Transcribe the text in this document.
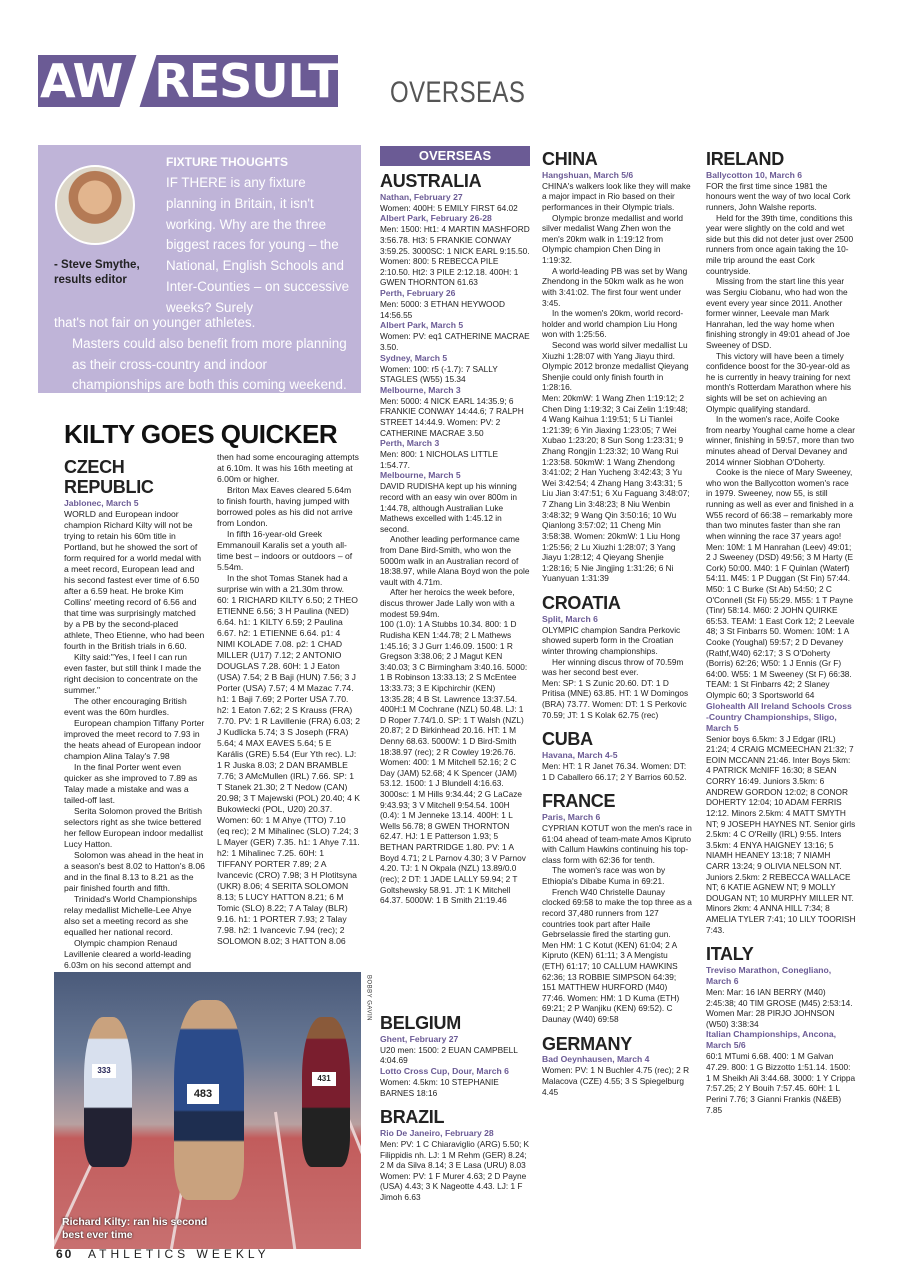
AW RESULTS OVERSEAS
- Steve Smythe, results editor
FIXTURE THOUGHTS
IF THERE is any fixture planning in Britain, it isn't working. Why are the three biggest races for young – the National, English Schools and Inter-Counties – on successive weeks? Surely
that's not fair on younger athletes.
Masters could also benefit from more planning as their cross-country and indoor championships are both this coming weekend.
KILTY GOES QUICKER
CZECH REPUBLIC
Jablonec, March 5

WORLD and European indoor champion Richard Kilty will not be trying to retain his 60m title in Portland, but he showed the sort of form required for a world medal with a meet record, European lead and his second fastest ever time of 6.50 after a 6.59 heat. He broke Kim Collins' meeting record of 6.56 and that time was surprisingly matched by a PB by the second-placed athlete, Theo Etienne, who had been fourth in the British trials in 6.60.

Kilty said:"Yes, I feel I can run even faster, but still think I made the right decision to concentrate on the summer."

The other encouraging British event was the 60m hurdles.

European champion Tiffany Porter improved the meet record to 7.93 in the heats ahead of European indoor champion Alina Talay's 7.98

In the final Porter went even quicker as she improved to 7.89 as Talay made a mistake and was a tailed-off last.

Serita Solomon proved the British selectors right as she twice bettered her fellow European indoor medallist Lucy Hatton.

Solomon was ahead in the heat in a season's best 8.02 to Hatton's 8.06 and in the final 8.13 to 8.21 as the pair finished fourth and fifth.

Trinidad's World Championships relay medallist Michelle-Lee Ahye also set a meeting record as she equalled her national record.

Olympic champion Renaud Lavillenie cleared a world-leading 6.03m on his second attempt and

then had some encouraging attempts at 6.10m. It was his 16th meeting at 6.00m or higher.

Briton Max Eaves cleared 5.64m to finish fourth, having jumped with borrowed poles as his did not arrive from London.

In fifth 16-year-old Greek Emmanouil Karalis set a youth all-time best – indoors or outdoors – of 5.54m.

In the shot Tomas Stanek had a surprise win with a 21.30m throw.

60: 1 RICHARD KILTY 6.50; 2 THEO ETIENNE 6.56; 3 H Paulina (NED) 6.64. h1: 1 KILTY 6.59; 2 Paulina 6.67. h2: 1 ETIENNE 6.64. p1: 4 NIMI KOLADE 7.08. p2: 1 CHAD MILLER (U17) 7.12; 2 ANTONIO DOUGLAS 7.28. 60H: 1 J Eaton (USA) 7.54; 2 B Baji (HUN) 7.56; 3 J Porter (USA) 7.57; 4 M Mazac 7.74. h1: 1 Baji 7.69; 2 Porter USA 7.70. h2: 1 Eaton 7.62; 2 S Krauss (FRA) 7.70. PV: 1 R Lavillenie (FRA) 6.03; 2 J Kudlicka 5.74; 3 S Joseph (FRA) 5.64; 4 MAX EAVES 5.64; 5 E Karális (GRE) 5.54 (Eur Yth rec). LJ: 1 R Juska 8.03; 2 DAN BRAMBLE 7.76; 3 AMcMullen (IRL) 7.66. SP: 1 T Stanek 21.30; 2 T Nedow (CAN) 20.98; 3 T Majewski (POL) 20.40; 4 K Bukowiecki (POL, U20) 20.37. Women: 60: 1 M Ahye (TTO) 7.10 (eq rec); 2 M Mihalinec (SLO) 7.24; 3 L Mayer (GER) 7.35. h1: 1 Ahye 7.11. h2: 1 Mihalinec 7.25. 60H: 1 TIFFANY PORTER 7.89; 2 A Ivancevic (CRO) 7.98; 3 H Plotitsyna (UKR) 8.06; 4 SERITA SOLOMON 8.13; 5 LUCY HATTON 8.21; 6 M Tomic (SLO) 8.22; 7 A Talay (BLR) 9.16. h1: 1 PORTER 7.93; 2 Talay 7.98. h2: 1 Ivancevic 7.94 (rec); 2 SOLOMON 8.02; 3 HATTON 8.06

483
333
431
Richard Kilty: ran his second best ever time
BOBBY GAVIN
OVERSEAS
AUSTRALIA
Nathan, February 27
Women: 400H: 5 EMILY FIRST 64.02
Albert Park, February 26-28
Men: 1500: Ht1: 4 MARTIN MASHFORD 3:56.78. Ht3: 5 FRANKIE CONWAY 3:59.25. 3000SC: 1 NICK EARL 9:15.50. Women: 800: 5 REBECCA PILE 2:10.50. Ht2: 3 PILE 2:12.18. 400H: 1 GWEN THORNTON 61.63
Perth, February 26
Men: 5000: 3 ETHAN HEYWOOD 14:56.55
Albert Park, March 5
Women: PV: eq1 CATHERINE MACRAE 3.50.
Sydney, March 5
Women: 100: r5 (-1.7): 7 SALLY STAGLES (W55) 15.34
Melbourne, March 3
Men: 5000: 4 NICK EARL 14:35.9; 6 FRANKIE CONWAY 14:44.6; 7 RALPH STREET 14:44.9. Women: PV: 2 CATHERINE MACRAE 3.50
Perth, March 3
Men: 800: 1 NICHOLAS LITTLE 1:54.77.
Melbourne, March 5

DAVID RUDISHA kept up his winning record with an easy win over 800m in 1:44.78, although Australian Luke Mathews excelled with 1:45.12 in second.

Another leading performance came from Dane Bird-Smith, who won the 5000m walk in an Australian record of 18:38.97, while Alana Boyd won the pole vault with 4.71m.

After her heroics the week before, discus thrower Jade Lally won with a modest 59.94m.

100 (1.0): 1 A Stubbs 10.34. 800: 1 D Rudisha KEN 1:44.78; 2 L Mathews 1:45.16; 3 J Gurr 1:46.09. 1500: 1 R Gregson 3:38.06; 2 J Magut KEN 3:40.03; 3 C Birmingham 3:40.16. 5000: 1 B Robinson 13:33.13; 2 S McEntee 13:33.73; 3 E Kipchirchir (KEN) 13:35.28; 4 B St. Lawrence 13:37.54. 400H:1 M Cochrane (NZL) 50.48. LJ: 1 D Roper 7.74/1.0. SP: 1 T Walsh (NZL) 20.87; 2 D Birkinhead 20.16. HT: 1 M Denny 68.63. 5000W: 1 D Bird-Smith 18:38.97 (rec); 2 R Cowley 19:26.76. Women: 400: 1 M Mitchell 52.16; 2 C Day (JAM) 52.68; 4 K Spencer (JAM) 53.12. 1500: 1 J Blundell 4:16.63. 3000sc: 1 M Hills 9:34.44; 2 G LaCaze 9:43.93; 3 V Mitchell 9:54.54. 100H (0.4): 1 M Jenneke 13.14. 400H: 1 L Wells 56.78; 8 GWEN THORNTON 62.47. HJ: 1 E Patterson 1.93; 5 BETHAN PARTRIDGE 1.80. PV: 1 A Boyd 4.71; 2 L Parnov 4.30; 3 V Parnov 4.20. TJ: 1 N Okpala (NZL) 13.89/0.0 (rec); 2 DT: 1 JADE LALLY 59.94; 2 T Goltshewsky 58.91. JT: 1 K Mitchell 64.37. 5000W: 1 B Smith 21:19.46

BELGIUM
Ghent, February 27
U20 men: 1500: 2 EUAN CAMPBELL 4:04.69
Lotto Cross Cup, Dour, March 6
Women: 4.5km: 10 STEPHANIE BARNES 18:16
BRAZIL
Rio De Janeiro, February 28
Men: PV: 1 C Chiaraviglio (ARG) 5.50; K Filippidis nh. LJ: 1 M Rehm (GER) 8.24; 2 M da Silva 8.14; 3 E Lasa (URU) 8.03 Women: PV: 1 F Murer 4.63; 2 D Payne (USA) 4.43; 3 K Nageotte 4.43. LJ: 1 F Jimoh 6.63
CHINA
Hangshuan, March 5/6

CHINA's walkers look like they will make a major impact in Rio based on their performances in their Olympic trials.

Olympic bronze medallist and world silver medalist Wang Zhen won the men's 20km walk in 1:19:12 from Olympic champion Chen Ding in 1:19:32.

A world-leading PB was set by Wang Zhendong in the 50km walk as he won with 3:41:02. The first four went under 3:45.

In the women's 20km, world record-holder and world champion Liu Hong won with 1:25:56.

Second was world silver medallist Lu Xiuzhi 1:28:07 with Yang Jiayu third. Olympic 2012 bronze medallist Qieyang Shenjie could only finish fourth in 1:28:16.

Men: 20kmW: 1 Wang Zhen 1:19:12; 2 Chen Ding 1:19:32; 3 Cai Zelin 1:19:48; 4 Wang Kaihua 1:19:51; 5 Li Tianlei 1:21:39; 6 Yin Jiaxing 1:23:05; 7 Wei Xubao 1:23:20; 8 Sun Song 1:23:31; 9 Zhang Rongjin 1:23:32; 10 Wang Rui 1:23:58. 50kmW: 1 Wang Zhendong 3:41:02; 2 Han Yucheng 3:42:43; 3 Yu Wei 3:42:54; 4 Zhang Hang 3:43:31; 5 Liu Jian 3:47:51; 6 Xu Faguang 3:48:07; 7 Zhang Lin 3:48:23; 8 Niu Wenbin 3:48:32; 9 Wang Qin 3:50:16; 10 Wu Qianlong 3:57:02; 11 Cheng Min 3:58:38. Women: 20kmW: 1 Liu Hong 1:25:56; 2 Lu Xiuzhi 1:28:07; 3 Yang Jiayu 1:28:12; 4 Qieyang Shenjie 1:28:16; 5 Nie Jingjing 1:31:26; 6 Ni Yuanyuan 1:31:39

CROATIA
Split, March 6

OLYMPIC champion Sandra Perkovic showed superb form in the Croatian winter throwing championships.

Her winning discus throw of 70.59m was her second best ever.

Men: SP: 1 S Zunic 20.60. DT: 1 D Pritisa (MNE) 63.85. HT: 1 W Domingos (BRA) 73.77. Women: DT: 1 S Perkovic 70.59; JT: 1 S Kolak 62.75 (rec)

CUBA
Havana, March 4-5

Men: HT: 1 R Janet 76.34. Women: DT: 1 D Caballero 66.17; 2 Y Barrios 60.52.

FRANCE
Paris, March 6

CYPRIAN KOTUT won the men's race in 61:04 ahead of team-mate Amos Kipruto with Callum Hawkins continuing his top-class form with 62:36 for tenth.

The women's race was won by Ethiopia's Dibabe Kuma in 69:21.

French W40 Christelle Daunay clocked 69:58 to make the top three as a record 37,480 runners from 127 countries took part after Haile Gebrselassie fired the starting gun.

Men HM: 1 C Kotut (KEN) 61:04; 2 A Kipruto (KEN) 61:11; 3 A Mengistu (ETH) 61:17; 10 CALLUM HAWKINS 62:36; 13 ROBBIE SIMPSON 64:39; 151 MATTHEW HURFORD (M40) 77:46. Women: HM: 1 D Kuma (ETH) 69:21; 2 P Wanjiku (KEN) 69:52). C Daunay (W40) 69:58

GERMANY
Bad Oeynhausen, March 4

Women: PV: 1 N Buchler 4.75 (rec); 2 R Malacova (CZE) 4.55; 3 S Spiegelburg 4.45

IRELAND
Ballycotton 10, March 6

FOR the first time since 1981 the honours went the way of two local Cork runners, John Walshe reports.

Held for the 39th time, conditions this year were slightly on the cold and wet side but this did not deter just over 2500 runners from once again taking the 10-mile trip around the east Cork countryside.

Missing from the start line this year was Sergiu Ciobanu, who had won the event every year since 2011. Another former winner, Leevale man Mark Hanrahan, led the way home when finishing strongly in 49:01 ahead of Joe Sweeney of DSD.

This victory will have been a timely confidence boost for the 30-year-old as he is currently in heavy training for next month's Rotterdam Marathon where his sights will be set on achieving an Olympic qualifying standard.

In the women's race, Aoife Cooke from nearby Youghal came home a clear winner, finishing in 59:57, more than two minutes ahead of Derval Devaney and 2014 winner Siobhan O'Doherty.

Cooke is the niece of Mary Sweeney, who won the Ballycotton women's race in 1979. Sweeney, now 55, is still running as well as ever and finished in a W55 record of 66:38 – remarkably more than two minutes faster than she ran when winning the race 37 years ago!

Men: 10M: 1 M Hanrahan (Leev) 49:01; 2 J Sweeney (DSD) 49:56; 3 M Harty (E Cork) 50:00. M40: 1 F Quinlan (Waterf) 54:11. M45: 1 P Duggan (St Fin) 57:44. M50: 1 C Burke (St Ab) 54:50; 2 C O'Connell (St Fi) 55:29. M55: 1 T Payne (Tinr) 58:14. M60: 2 JOHN QUIRKE 65:53. TEAM: 1 East Cork 12; 2 Leevale 48; 3 St Finbarrs 50. Women: 10M: 1 A Cooke (Youghal) 59:57; 2 D Devaney (Rathf,W40) 62:17; 3 S O'Doherty (Borris) 62:26; W50: 1 J Ennis (Gr F) 64:00. W55: 1 M Sweeney (St F) 66:38. TEAM: 1 St Finbarrs 42; 2 Slaney Olympic 60; 3 Sportsworld 64

Glohealth All Ireland Schools Cross -Country Championships, Sligo, March 5

Senior boys 6.5km: 3 J Edgar (IRL) 21:24; 4 CRAIG MCMEECHAN 21:32; 7 EOIN MCCANN 21:46. Inter Boys 5km: 4 PATRICK McNIFF 16:30; 8 SEAN CORRY 16:49. Juniors 3.5km: 6 ANDREW GORDON 12:02; 8 CONOR DOHERTY 12:04; 10 ADAM FERRIS 12:12. Minors 2.5km: 4 MATT SMYTH NT; 9 JOSEPH HAYNES NT. Senior girls 2.5km: 4 C O'Reilly (IRL) 9:55. Inters 3.5km: 4 ENYA HAIGNEY 13:16; 5 NIAMH HEANEY 13:18; 7 NIAMH CARR 13:24; 9 OLIVIA NELSON NT. Juniors 2.5km: 2 REBECCA WALLACE NT; 6 KATIE AGNEW NT; 9 MOLLY DOUGAN NT; 10 MURPHY MILLER NT. Minors 2km: 4 ANNA HILL 7:34; 8 AMELIA TYLER 7:41; 10 LILY TOORISH 7:43.

ITALY
Treviso Marathon, Conegliano, March 6

Men: Mar: 16 IAN BERRY (M40) 2:45:38; 40 TIM GROSE (M45) 2:53:14. Women Mar: 28 PIRJO JOHNSON (W50) 3:38:34

Italian Championships, Ancona, March 5/6

60:1 MTumi 6.68. 400: 1 M Galvan 47.29. 800: 1 G Bizzotto 1:51.14. 1500: 1 M Sheikh Ali 3:44.68. 3000: 1 Y Crippa 7:57.25; 2 Y Bouih 7:57.45. 60H: 1 L Perini 7.76; 3 Gianni Frankis (N&EB) 7.85

60 ATHLETICS WEEKLY
